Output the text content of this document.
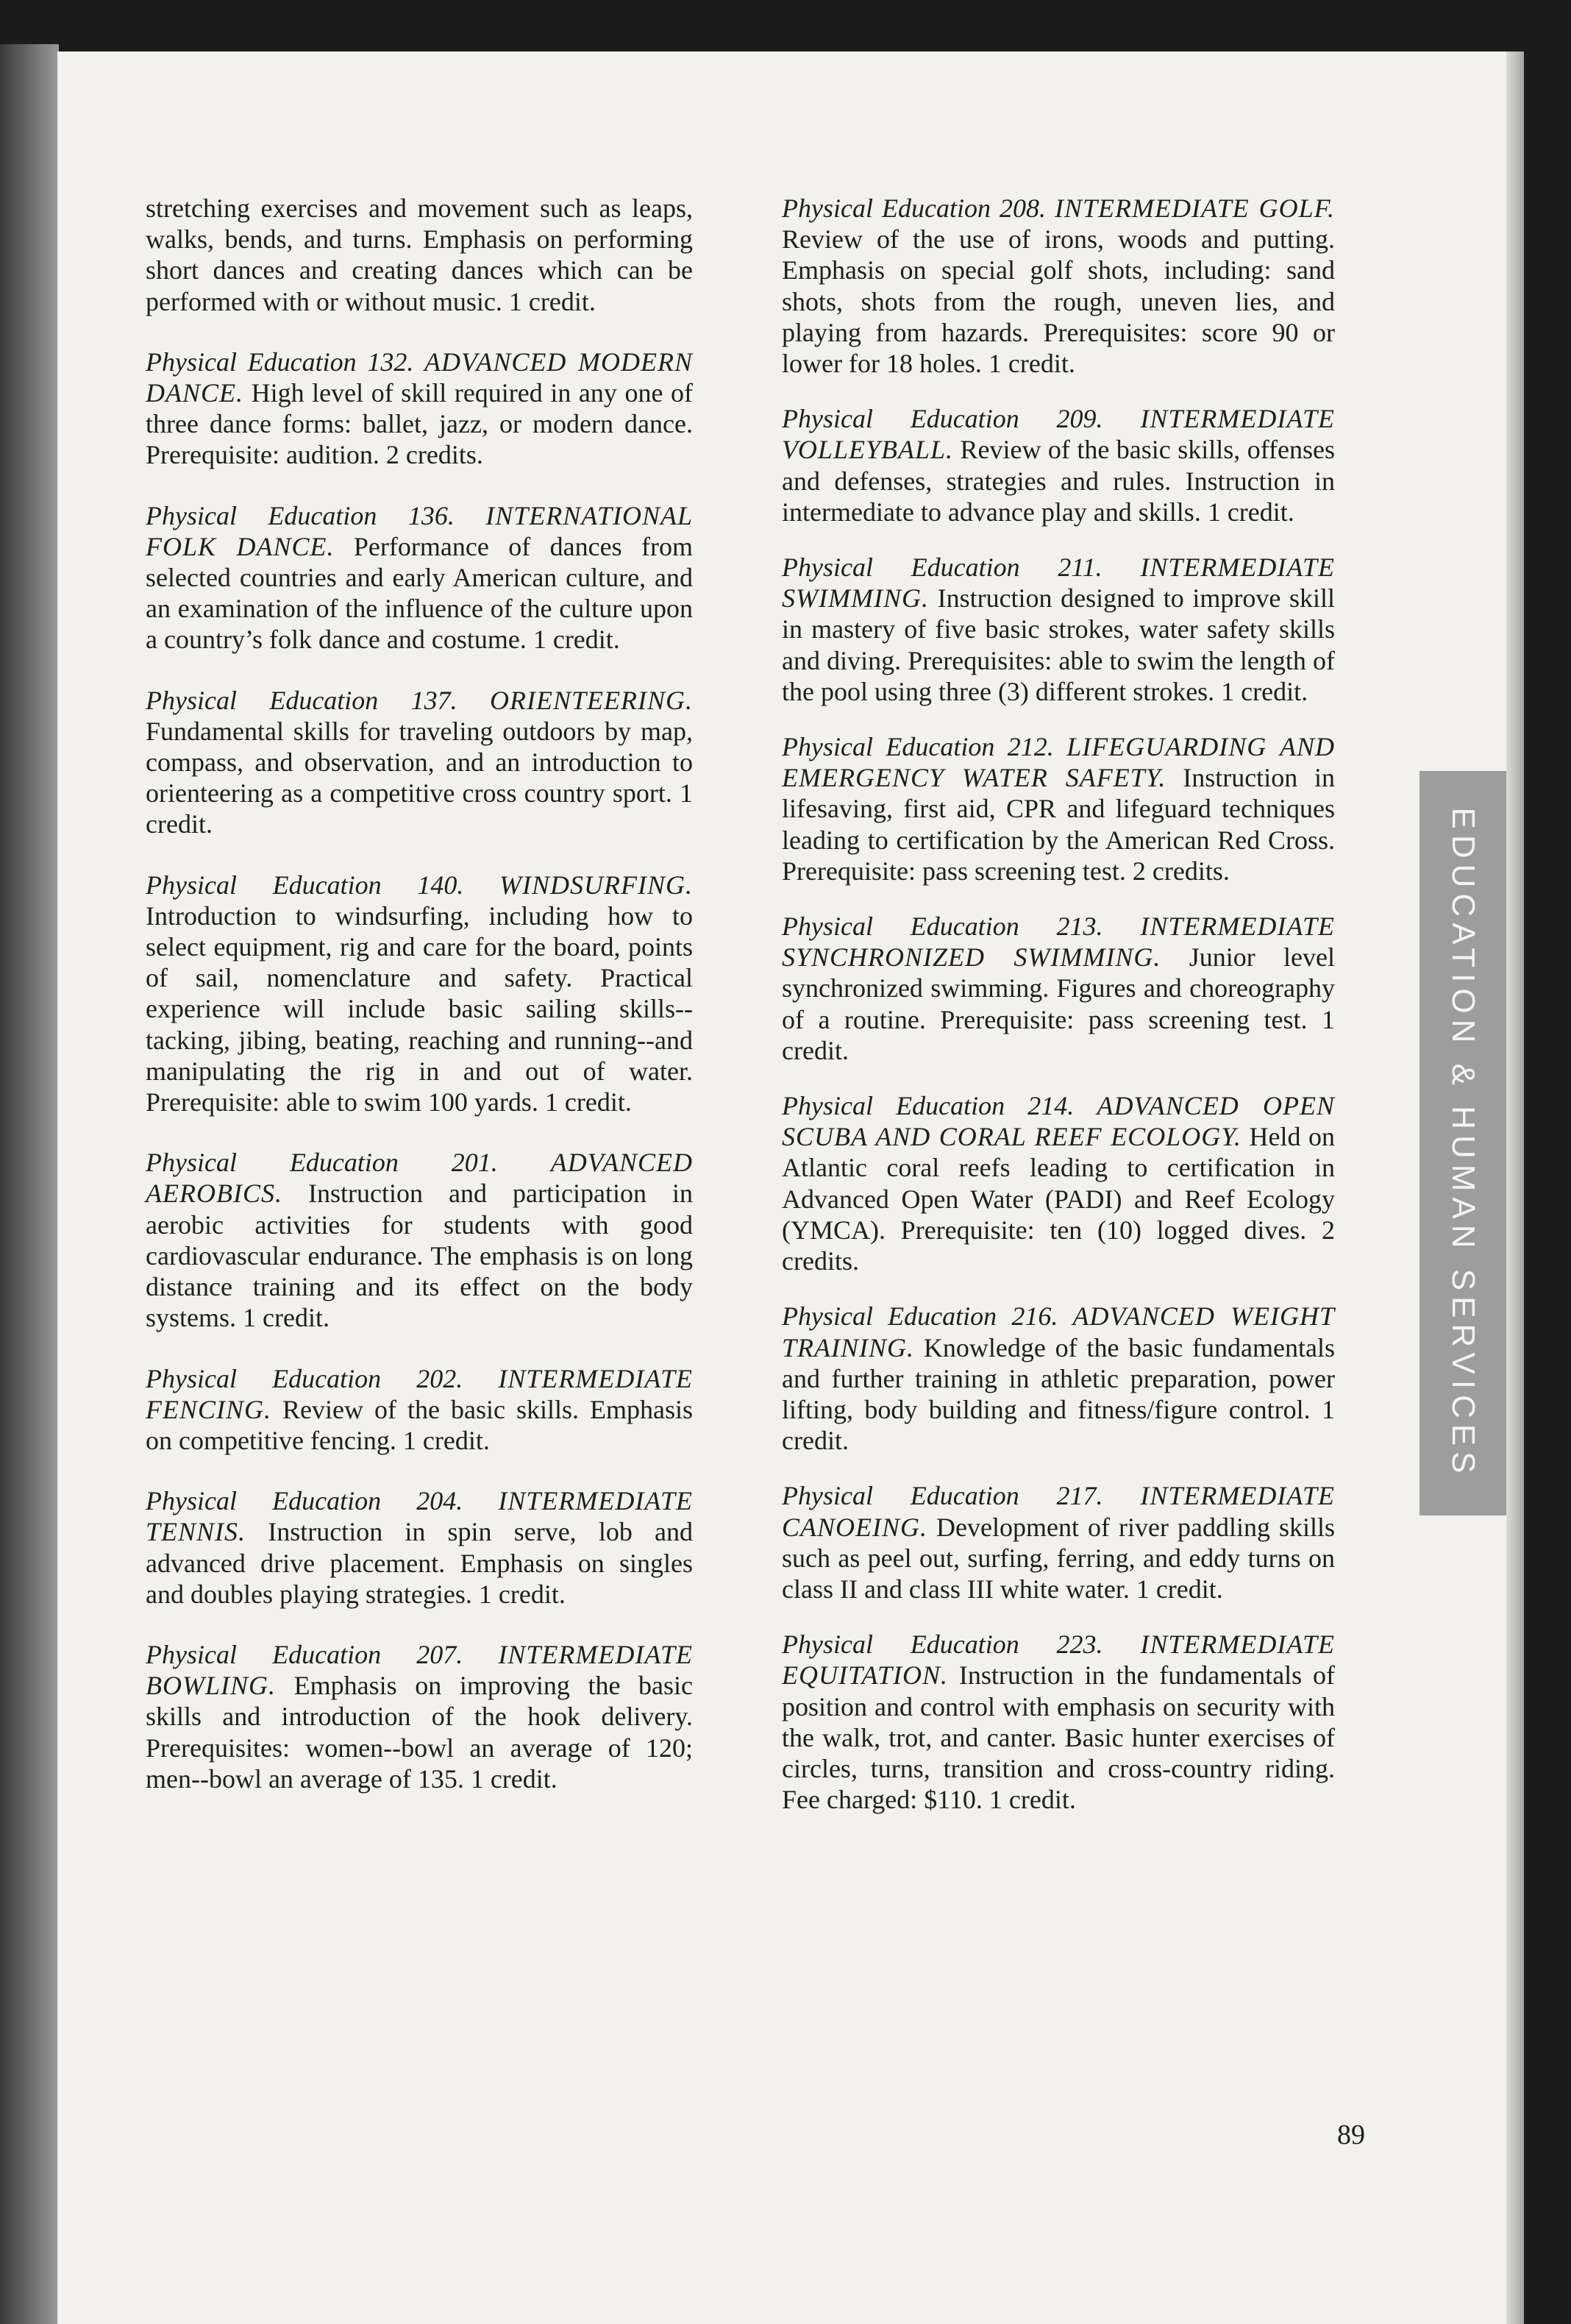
stretching exercises and movement such as leaps, walks, bends, and turns. Emphasis on performing short dances and creating dances which can be performed with or without music. 1 credit.

Physical Education 132. ADVANCED MODERN DANCE. High level of skill required in any one of three dance forms: ballet, jazz, or modern dance. Prerequisite: audition. 2 credits.

Physical Education 136. INTERNATIONAL FOLK DANCE. Performance of dances from selected countries and early American culture, and an examination of the influence of the culture upon a country’s folk dance and costume. 1 credit.

Physical Education 137. ORIENTEERING. Fundamental skills for traveling outdoors by map, compass, and observation, and an introduction to orienteering as a competitive cross country sport. 1 credit.

Physical Education 140. WINDSURFING. Introduction to windsurfing, including how to select equipment, rig and care for the board, points of sail, nomenclature and safety. Practical experience will include basic sailing skills--tacking, jibing, beating, reaching and running--and manipulating the rig in and out of water. Prerequisite: able to swim 100 yards. 1 credit.

Physical Education 201. ADVANCED AEROBICS. Instruction and participation in aerobic activities for students with good cardiovascular endurance. The emphasis is on long distance training and its effect on the body systems. 1 credit.

Physical Education 202. INTERMEDIATE FENCING. Review of the basic skills. Emphasis on competitive fencing. 1 credit.

Physical Education 204. INTERMEDIATE TENNIS. Instruction in spin serve, lob and advanced drive placement. Emphasis on singles and doubles playing strategies. 1 credit.

Physical Education 207. INTERMEDIATE BOWLING. Emphasis on improving the basic skills and introduction of the hook delivery. Prerequisites: women--bowl an average of 120; men--bowl an average of 135. 1 credit.

Physical Education 208. INTERMEDIATE GOLF. Review of the use of irons, woods and putting. Emphasis on special golf shots, including: sand shots, shots from the rough, uneven lies, and playing from hazards. Prerequisites: score 90 or lower for 18 holes. 1 credit.

Physical Education 209. INTERMEDIATE VOLLEYBALL. Review of the basic skills, offenses and defenses, strategies and rules. Instruction in intermediate to advance play and skills. 1 credit.

Physical Education 211. INTERMEDIATE SWIMMING. Instruction designed to improve skill in mastery of five basic strokes, water safety skills and diving. Prerequisites: able to swim the length of the pool using three (3) different strokes. 1 credit.

Physical Education 212. LIFEGUARDING AND EMERGENCY WATER SAFETY. Instruction in lifesaving, first aid, CPR and lifeguard techniques leading to certification by the American Red Cross. Prerequisite: pass screening test. 2 credits.

Physical Education 213. INTERMEDIATE SYNCHRONIZED SWIMMING. Junior level synchronized swimming. Figures and choreography of a routine. Prerequisite: pass screening test. 1 credit.

Physical Education 214. ADVANCED OPEN SCUBA AND CORAL REEF ECOLOGY. Held on Atlantic coral reefs leading to certification in Advanced Open Water (PADI) and Reef Ecology (YMCA). Prerequisite: ten (10) logged dives. 2 credits.

Physical Education 216. ADVANCED WEIGHT TRAINING. Knowledge of the basic fundamentals and further training in athletic preparation, power lifting, body building and fitness/figure control. 1 credit.

Physical Education 217. INTERMEDIATE CANOEING. Development of river paddling skills such as peel out, surfing, ferring, and eddy turns on class II and class III white water. 1 credit.

Physical Education 223. INTERMEDIATE EQUITATION. Instruction in the fundamentals of position and control with emphasis on security with the walk, trot, and canter. Basic hunter exercises of circles, turns, transition and cross-country riding. Fee charged: $110. 1 credit.

EDUCATION & HUMAN SERVICES
89
